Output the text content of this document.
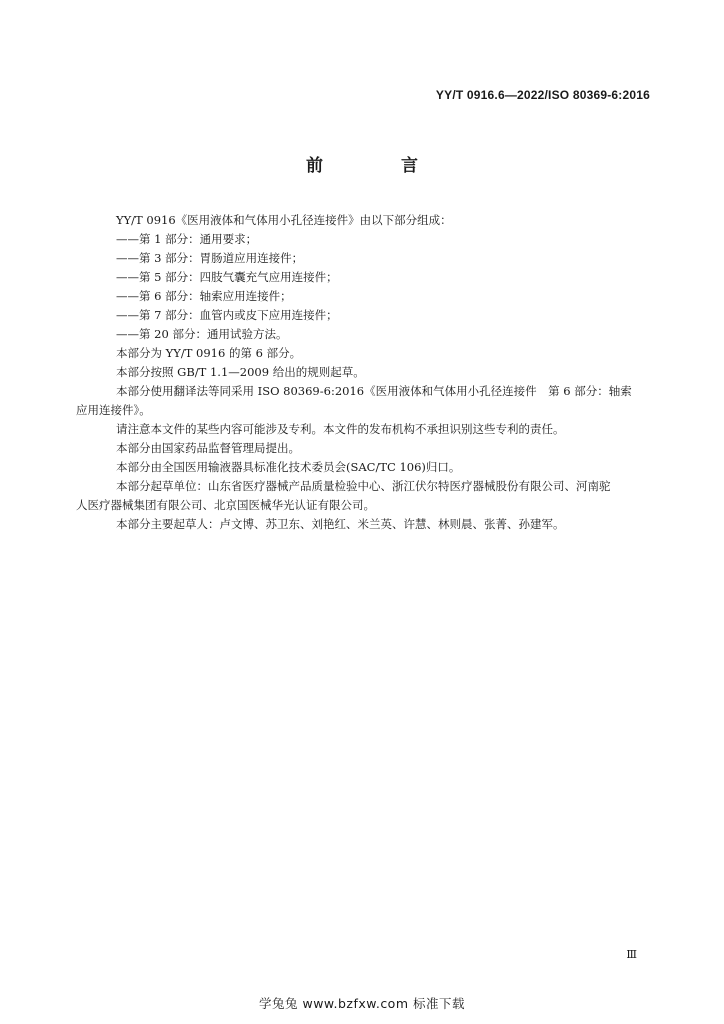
YY/T 0916.6—2022/ISO 80369-6:2016
前 言

YY/T 0916《医用液体和气体用小孔径连接件》由以下部分组成：

——第 1 部分：通用要求；

——第 3 部分：胃肠道应用连接件；

——第 5 部分：四肢气囊充气应用连接件；

——第 6 部分：轴索应用连接件；

——第 7 部分：血管内或皮下应用连接件；

——第 20 部分：通用试验方法。

本部分为 YY/T 0916 的第 6 部分。

本部分按照 GB/T 1.1—2009 给出的规则起草。

本部分使用翻译法等同采用 ISO 80369-6:2016《医用液体和气体用小孔径连接件　第 6 部分：轴索

应用连接件》。

请注意本文件的某些内容可能涉及专利。本文件的发布机构不承担识别这些专利的责任。

本部分由国家药品监督管理局提出。

本部分由全国医用输液器具标准化技术委员会(SAC/TC 106)归口。

本部分起草单位：山东省医疗器械产品质量检验中心、浙江伏尔特医疗器械股份有限公司、河南驼

人医疗器械集团有限公司、北京国医械华光认证有限公司。

本部分主要起草人：卢文博、苏卫东、刘艳红、米兰英、许慧、林则晨、张菁、孙建军。

Ⅲ
学兔兔 www.bzfxw.com 标准下载
